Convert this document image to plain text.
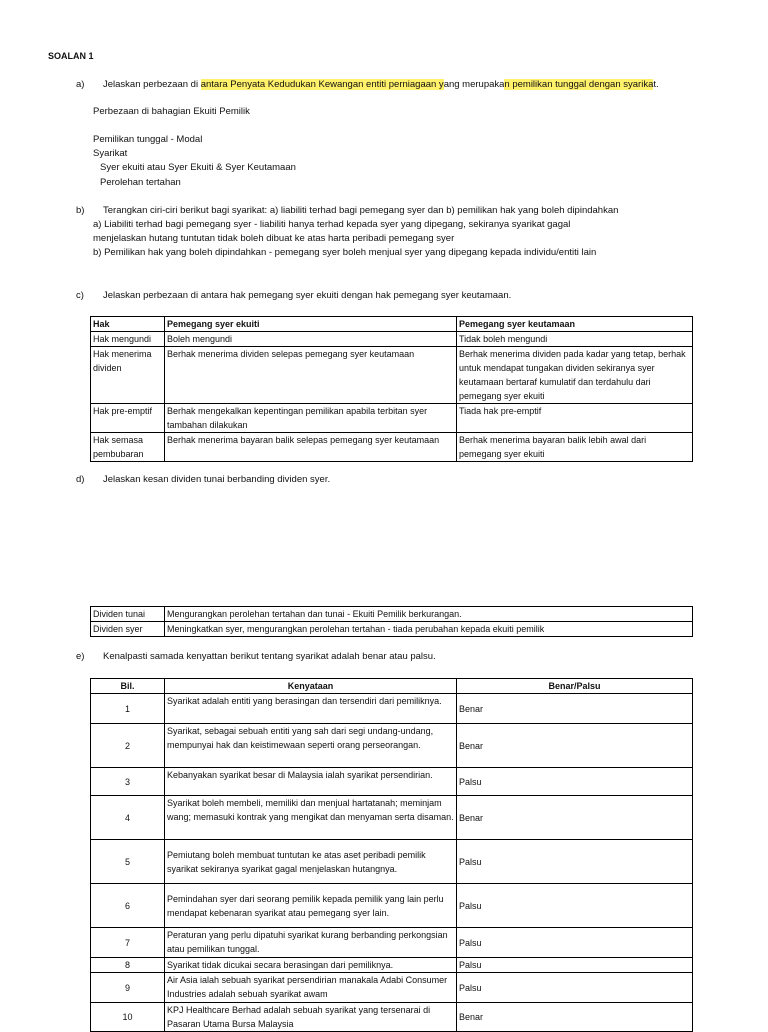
SOALAN 1
a) Jelaskan perbezaan di antara Penyata Kedudukan Kewangan entiti perniagaan yang merupakan pemilikan tunggal dengan syarikat.
Perbezaan di bahagian Ekuiti Pemilik
Pemilikan tunggal - Modal
Syarikat
Syer ekuiti atau Syer Ekuiti & Syer Keutamaan
Perolehan tertahan
b) Terangkan ciri-ciri berikut bagi syarikat: a) liabiliti terhad bagi pemegang syer dan b) pemilikan hak yang boleh dipindahkan
a) Liabiliti terhad bagi pemegang syer - liabiliti hanya terhad kepada syer yang dipegang, sekiranya syarikat gagal
menjelaskan hutang tuntutan tidak boleh dibuat ke atas harta peribadi pemegang syer
b) Pemilikan hak yang boleh dipindahkan - pemegang syer boleh menjual syer yang dipegang kepada individu/entiti lain
c) Jelaskan perbezaan di antara hak pemegang syer ekuiti dengan hak pemegang syer keutamaan.
Hak	Pemegang syer ekuiti	Pemegang syer keutamaan
Hak mengundi	Boleh mengundi	Tidak boleh mengundi
Hak menerima dividen	Berhak menerima dividen selepas pemegang syer keutamaan	Berhak menerima dividen pada kadar yang tetap, berhak untuk mendapat tungakan dividen sekiranya syer keutamaan bertaraf kumulatif dan terdahulu dari pemegang syer ekuiti
Hak pre-emptif	Berhak mengekalkan kepentingan pemilikan apabila terbitan syer tambahan dilakukan	Tiada hak pre-emptif
Hak semasa pembubaran	Berhak menerima bayaran balik selepas pemegang syer keutamaan	Berhak menerima bayaran balik lebih awal dari pemegang syer ekuiti
d) Jelaskan kesan dividen tunai berbanding dividen syer.
Dividen tunai	Mengurangkan perolehan tertahan dan tunai - Ekuiti Pemilik berkurangan.
Dividen syer	Meningkatkan syer, mengurangkan perolehan tertahan - tiada perubahan kepada ekuiti pemilik
e) Kenalpasti samada kenyattan berikut tentang syarikat adalah benar atau palsu.
Bil.	Kenyataan	Benar/Palsu
1	Syarikat adalah entiti yang berasingan dan tersendiri dari pemiliknya.	Benar
2	Syarikat, sebagai sebuah entiti yang sah dari segi undang-undang, mempunyai hak dan keistimewaan seperti orang perseorangan.	Benar
3	Kebanyakan syarikat besar di Malaysia ialah syarikat persendirian.	Palsu
4	Syarikat boleh membeli, memiliki dan menjual hartatanah; meminjam wang; memasuki kontrak yang mengikat dan menyaman serta disaman.	Benar
5	Pemiutang boleh membuat tuntutan ke atas aset peribadi pemilik syarikat sekiranya syarikat gagal menjelaskan hutangnya.	Palsu
6	Pemindahan syer dari seorang pemilik kepada pemilik yang lain perlu mendapat kebenaran syarikat atau pemegang syer lain.	Palsu
7	Peraturan yang perlu dipatuhi syarikat kurang berbanding perkongsian atau pemilikan tunggal.	Palsu
8	Syarikat tidak dicukai secara berasingan dari pemiliknya.	Palsu
9	Air Asia ialah sebuah syarikat persendirian manakala Adabi Consumer Industries adalah sebuah syarikat awam	Palsu
10	KPJ Healthcare Berhad adalah sebuah syarikat yang tersenarai di Pasaran Utama Bursa Malaysia	Benar
